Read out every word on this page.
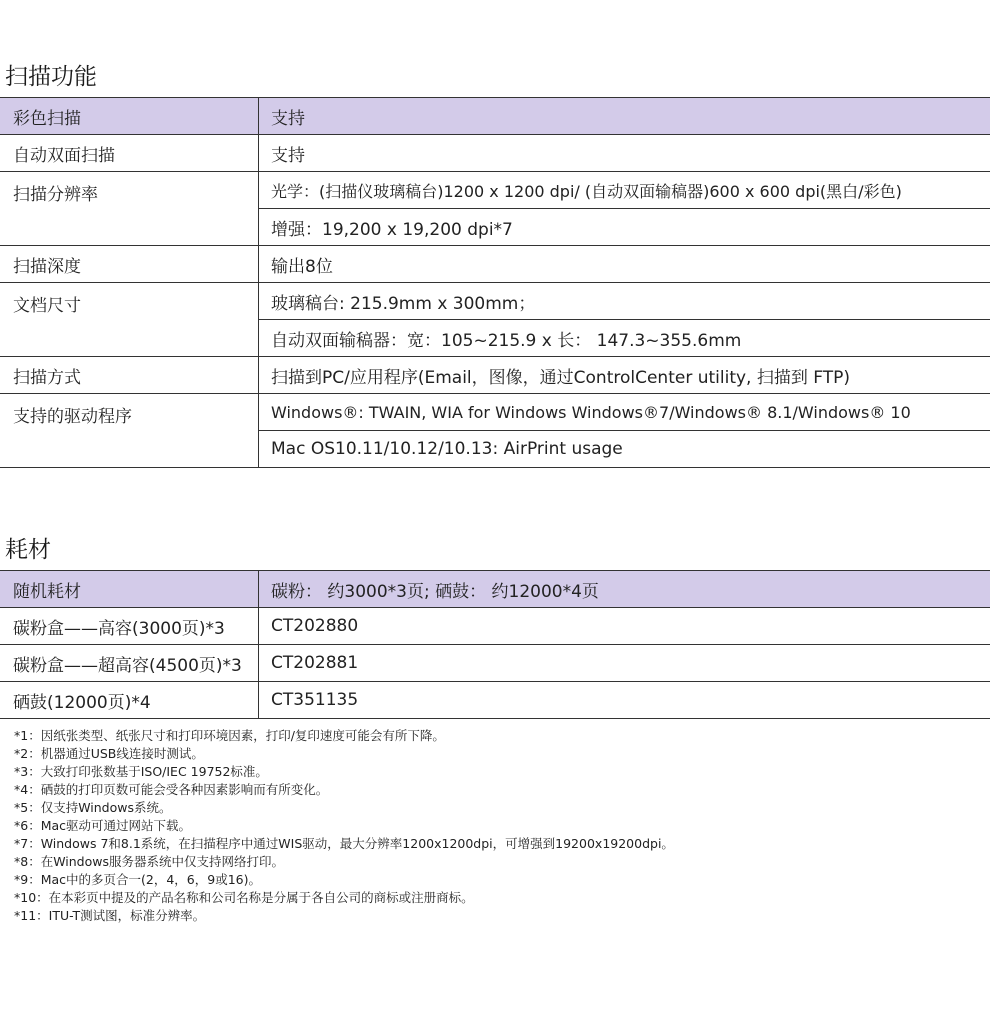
扫描功能
彩色扫描	支持
自动双面扫描	支持
扫描分辨率	光学：(扫描仪玻璃稿台)1200 x 1200 dpi/ (自动双面输稿器)600 x 600 dpi(黑白/彩色)
	增强：19,200 x 19,200 dpi*7
扫描深度	输出8位
文档尺寸	玻璃稿台: 215.9mm x 300mm；
	自动双面输稿器：宽：105~215.9 x 长： 147.3~355.6mm
扫描方式	扫描到PC/应用程序(Email，图像，通过ControlCenter utility, 扫描到 FTP)
支持的驱动程序	Windows®: TWAIN, WIA for Windows Windows®7/Windows® 8.1/Windows® 10
	Mac OS10.11/10.12/10.13: AirPrint usage
耗材
随机耗材	碳粉： 约3000*3页; 硒鼓： 约12000*4页
碳粉盒——高容(3000页)*3	CT202880
碳粉盒——超高容(4500页)*3	CT202881
硒鼓(12000页)*4	CT351135
*1：因纸张类型、纸张尺寸和打印环境因素，打印/复印速度可能会有所下降。
*2：机器通过USB线连接时测试。
*3：大致打印张数基于ISO/IEC 19752标准。
*4：硒鼓的打印页数可能会受各种因素影响而有所变化。
*5：仅支持Windows系统。
*6：Mac驱动可通过网站下载。
*7：Windows 7和8.1系统，在扫描程序中通过WIS驱动，最大分辨率1200x1200dpi，可增强到19200x19200dpi。
*8：在Windows服务器系统中仅支持网络打印。
*9：Mac中的多页合一(2，4，6，9或16)。
*10：在本彩页中提及的产品名称和公司名称是分属于各自公司的商标或注册商标。
*11：ITU-T测试图，标准分辨率。
